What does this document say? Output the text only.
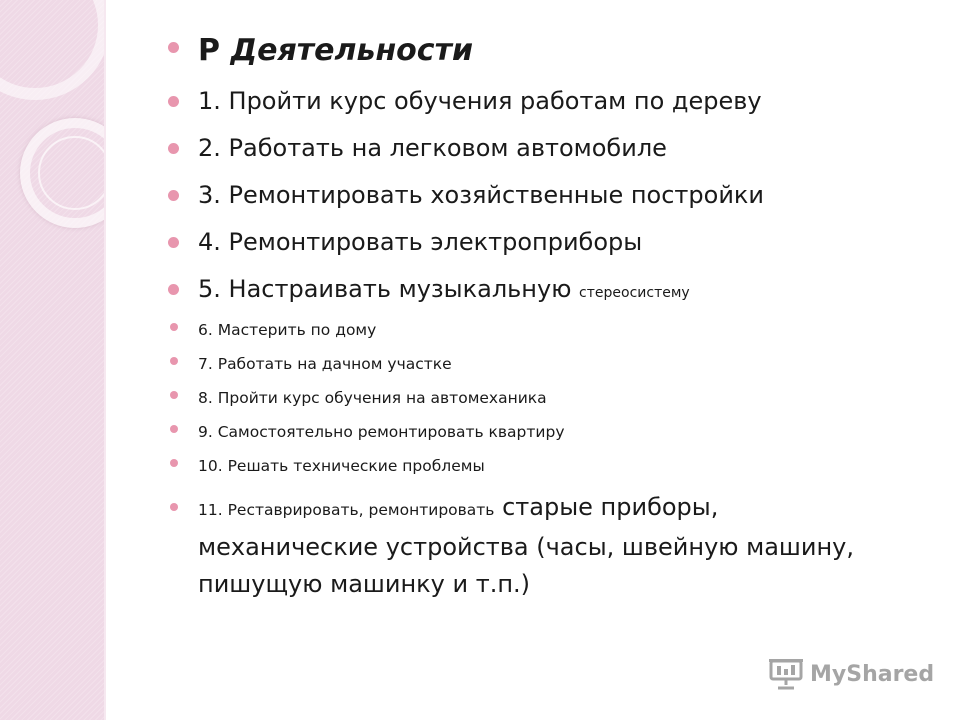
Р Деятельности
1. Пройти курс обучения работам по дереву
2. Работать на легковом автомобиле
3. Ремонтировать хозяйственные постройки
4. Ремонтировать электроприборы
5. Настраивать музыкальную стереосистему
6. Мастерить по дому
7. Работать на дачном участке
8. Пройти курс обучения на автомеханика
9. Самостоятельно ремонтировать квартиру
10. Решать технические проблемы
11. Реставрировать, ремонтировать старые приборы, механические устройства (часы, швейную машину, пишущую машинку и т.п.)
MyShared
